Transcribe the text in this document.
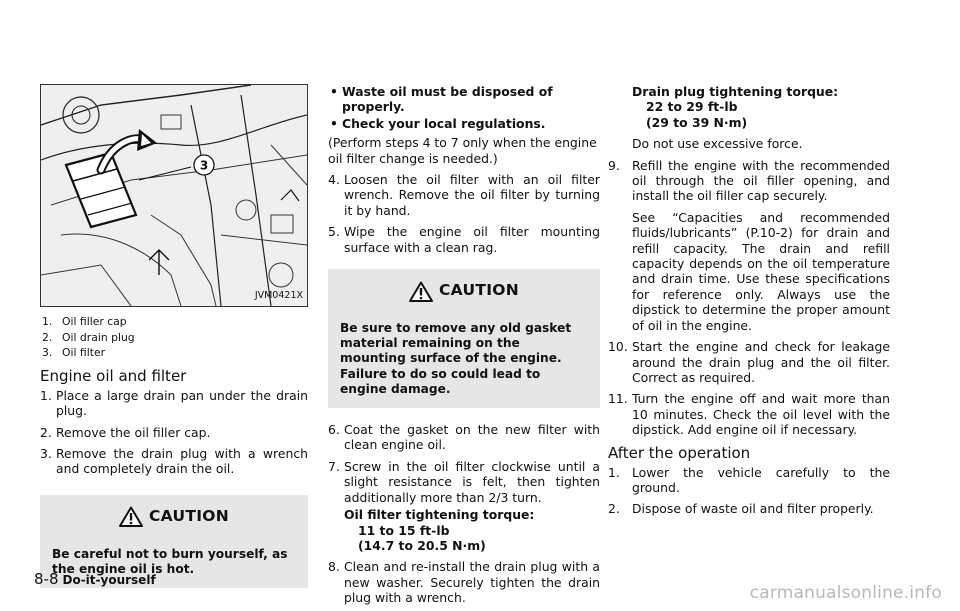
3
JVM0421X
1. Oil filler cap
2. Oil drain plug
3. Oil filter
Engine oil and filter
1. Place a large drain pan under the drain plug.
2. Remove the oil filler cap.
3. Remove the drain plug with a wrench and completely drain the oil.
CAUTION
Be careful not to burn yourself, as the engine oil is hot.
• Waste oil must be disposed of properly.
• Check your local regulations.
(Perform steps 4 to 7 only when the engine oil filter change is needed.)
4. Loosen the oil filter with an oil filter wrench. Remove the oil filter by turning it by hand.
5. Wipe the engine oil filter mounting surface with a clean rag.
CAUTION
Be sure to remove any old gasket material remaining on the mounting surface of the engine. Failure to do so could lead to engine damage.
6. Coat the gasket on the new filter with clean engine oil.
7. Screw in the oil filter clockwise until a slight resistance is felt, then tighten additionally more than 2/3 turn.
Oil filter tightening torque:
11 to 15 ft-lb
(14.7 to 20.5 N·m)
8. Clean and re-install the drain plug with a new washer. Securely tighten the drain plug with a wrench.
Drain plug tightening torque:
22 to 29 ft-lb
(29 to 39 N·m)
Do not use excessive force.
9. Refill the engine with the recommended oil through the oil filler opening, and install the oil filler cap securely.
See “Capacities and recommended fluids/lubricants” (P.10-2) for drain and refill capacity. The drain and refill capacity depends on the oil temperature and drain time. Use these specifications for reference only. Always use the dipstick to determine the proper amount of oil in the engine.
10. Start the engine and check for leakage around the drain plug and the oil filter. Correct as required.
11. Turn the engine off and wait more than 10 minutes. Check the oil level with the dipstick. Add engine oil if necessary.
After the operation
1. Lower the vehicle carefully to the ground.
2. Dispose of waste oil and filter properly.
8-8 Do-it-yourself
carmanualsonline.info
